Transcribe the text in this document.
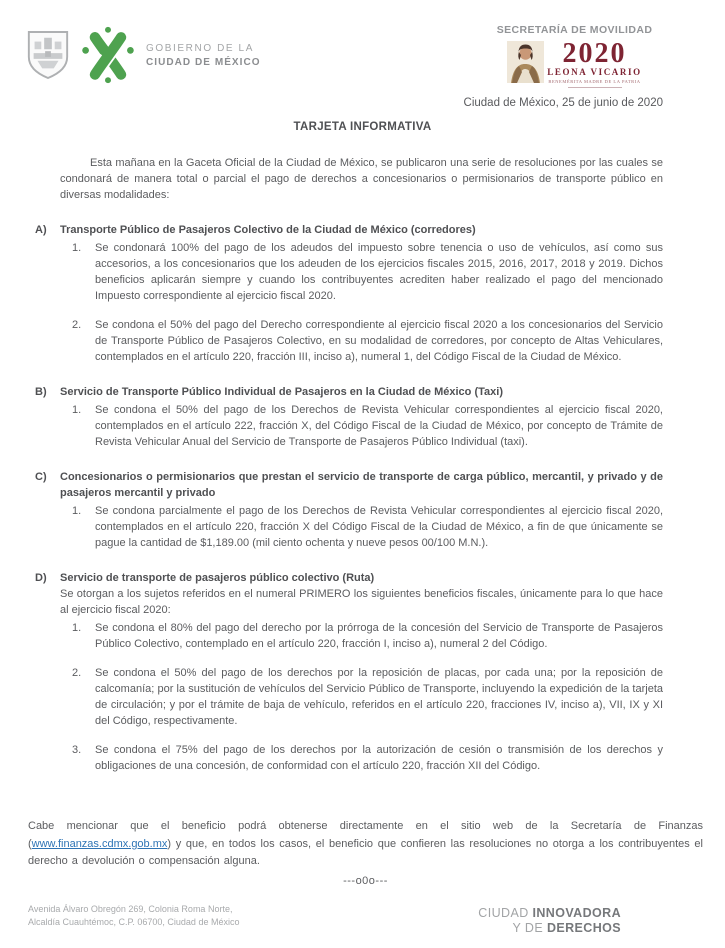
GOBIERNO DE LA
CIUDAD DE MÉXICO
SECRETARÍA DE MOVILIDAD
2020
LEONA VICARIO
BENEMÉRITA MADRE DE LA PATRIA
Ciudad de México, 25 de junio de 2020
TARJETA INFORMATIVA

Esta mañana en la Gaceta Oficial de la Ciudad de México, se publicaron una serie de resoluciones por las cuales se condonará de manera total o parcial el pago de derechos a concesionarios o permisionarios de transporte público en diversas modalidades:

A)	Transporte Público de Pasajeros Colectivo de la Ciudad de México (corredores)
1.	Se condonará 100% del pago de los adeudos del impuesto sobre tenencia o uso de vehículos, así como sus accesorios, a los concesionarios que los adeuden de los ejercicios fiscales 2015, 2016, 2017, 2018 y 2019. Dichos beneficios aplicarán siempre y cuando los contribuyentes acrediten haber realizado el pago del mencionado Impuesto correspondiente al ejercicio fiscal 2020.

2.	Se condona el 50% del pago del Derecho correspondiente al ejercicio fiscal 2020 a los concesionarios del Servicio de Transporte Público de Pasajeros Colectivo, en su modalidad de corredores, por concepto de Altas Vehiculares, contemplados en el artículo 220, fracción III, inciso a), numeral 1, del Código Fiscal de la Ciudad de México.

B)	Servicio de Transporte Público Individual de Pasajeros en la Ciudad de México (Taxi)
1.	Se condona el 50% del pago de los Derechos de Revista Vehicular correspondientes al ejercicio fiscal 2020, contemplados en el artículo 222, fracción X, del Código Fiscal de la Ciudad de México, por concepto de Trámite de Revista Vehicular Anual del Servicio de Transporte de Pasajeros Público Individual (taxi).

C)	Concesionarios o permisionarios que prestan el servicio de transporte de carga público, mercantil, y privado y de pasajeros mercantil y privado
1.	Se condona parcialmente el pago de los Derechos de Revista Vehicular correspondientes al ejercicio fiscal 2020, contemplados en el artículo 220, fracción X del Código Fiscal de la Ciudad de México, a fin de que únicamente se pague la cantidad de $1,189.00 (mil ciento ochenta y nueve pesos 00/100 M.N.).

D)	Servicio de transporte de pasajeros público colectivo (Ruta)

Se otorgan a los sujetos referidos en el numeral PRIMERO los siguientes beneficios fiscales, únicamente para lo que hace al ejercicio fiscal 2020:

1.	Se condona el 80% del pago del derecho por la prórroga de la concesión del Servicio de Transporte de Pasajeros Público Colectivo, contemplado en el artículo 220, fracción I, inciso a), numeral 2 del Código.

2.	Se condona el 50% del pago de los derechos por la reposición de placas, por cada una; por la reposición de calcomanía; por la sustitución de vehículos del Servicio Público de Transporte, incluyendo la expedición de la tarjeta de circulación; y por el trámite de baja de vehículo, referidos en el artículo 220, fracciones IV, inciso a), VII, IX y XI del Código, respectivamente.

3.	Se condona el 75% del pago de los derechos por la autorización de cesión o transmisión de los derechos y obligaciones de una concesión, de conformidad con el artículo 220, fracción XII del Código.

Cabe mencionar que el beneficio podrá obtenerse directamente en el sitio web de la Secretaría de Finanzas (www.finanzas.cdmx.gob.mx) y que, en todos los casos, el beneficio que confieren las resoluciones no otorga a los contribuyentes el derecho a devolución o compensación alguna.

---o0o---
Avenida Álvaro Obregón 269, Colonia Roma Norte,
Alcaldía Cuauhtémoc, C.P. 06700, Ciudad de México
CIUDAD INNOVADORA
Y DE DERECHOS
